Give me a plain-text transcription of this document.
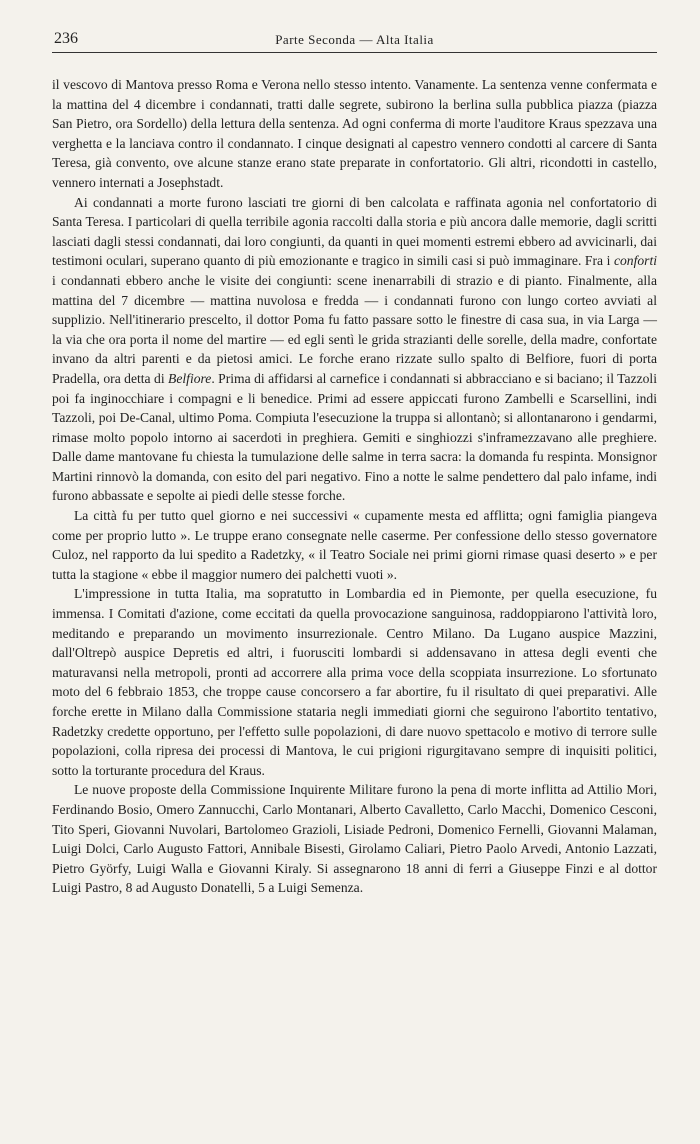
236	Parte Seconda — Alta Italia

il vescovo di Mantova presso Roma e Verona nello stesso intento. Vanamente. La sentenza venne confermata e la mattina del 4 dicembre i condannati, tratti dalle segrete, subirono la berlina sulla pubblica piazza (piazza San Pietro, ora Sordello) della lettura della sentenza. Ad ogni conferma di morte l'auditore Kraus spezzava una verghetta e la lanciava contro il condannato. I cinque designati al capestro vennero condotti al carcere di Santa Teresa, già convento, ove alcune stanze erano state preparate in confortatorio. Gli altri, ricondotti in castello, vennero internati a Josephstadt.

Ai condannati a morte furono lasciati tre giorni di ben calcolata e raffinata agonia nel confortatorio di Santa Teresa. I particolari di quella terribile agonia raccolti dalla storia e più ancora dalle memorie, dagli scritti lasciati dagli stessi condannati, dai loro congiunti, da quanti in quei momenti estremi ebbero ad avvicinarli, dai testimoni oculari, superano quanto di più emozionante e tragico in simili casi si può immaginare. Fra i conforti i condannati ebbero anche le visite dei congiunti: scene inenarrabili di strazio e di pianto. Finalmente, alla mattina del 7 dicembre — mattina nuvolosa e fredda — i condannati furono con lungo corteo avviati al supplizio. Nell'itinerario prescelto, il dottor Poma fu fatto passare sotto le finestre di casa sua, in via Larga — la via che ora porta il nome del martire — ed egli sentì le grida strazianti delle sorelle, della madre, confortate invano da altri parenti e da pietosi amici. Le forche erano rizzate sullo spalto di Belfiore, fuori di porta Pradella, ora detta di Belfiore. Prima di affidarsi al carnefice i condannati si abbracciano e si baciano; il Tazzoli poi fa inginocchiare i compagni e li benedice. Primi ad essere appiccati furono Zambelli e Scarsellini, indi Tazzoli, poi De-Canal, ultimo Poma. Compiuta l'esecuzione la truppa si allontanò; si allontanarono i gendarmi, rimase molto popolo intorno ai sacerdoti in preghiera. Gemiti e singhiozzi s'inframezzavano alle preghiere. Dalle dame mantovane fu chiesta la tumulazione delle salme in terra sacra: la domanda fu respinta. Monsignor Martini rinnovò la domanda, con esito del pari negativo. Fino a notte le salme pendettero dal palo infame, indi furono abbassate e sepolte ai piedi delle stesse forche.

La città fu per tutto quel giorno e nei successivi « cupamente mesta ed afflitta; ogni famiglia piangeva come per proprio lutto ». Le truppe erano consegnate nelle caserme. Per confessione dello stesso governatore Culoz, nel rapporto da lui spedito a Radetzky, « il Teatro Sociale nei primi giorni rimase quasi deserto » e per tutta la stagione « ebbe il maggior numero dei palchetti vuoti ».

L'impressione in tutta Italia, ma sopratutto in Lombardia ed in Piemonte, per quella esecuzione, fu immensa. I Comitati d'azione, come eccitati da quella provocazione sanguinosa, raddoppiarono l'attività loro, meditando e preparando un movimento insurrezionale. Centro Milano. Da Lugano auspice Mazzini, dall'Oltrepò auspice Depretis ed altri, i fuorusciti lombardi si addensavano in attesa degli eventi che maturavansi nella metropoli, pronti ad accorrere alla prima voce della scoppiata insurrezione. Lo sfortunato moto del 6 febbraio 1853, che troppe cause concorsero a far abortire, fu il risultato di quei preparativi. Alle forche erette in Milano dalla Commissione stataria negli immediati giorni che seguirono l'abortito tentativo, Radetzky credette opportuno, per l'effetto sulle popolazioni, di dare nuovo spettacolo e motivo di terrore sulle popolazioni, colla ripresa dei processi di Mantova, le cui prigioni rigurgitavano sempre di inquisiti politici, sotto la torturante procedura del Kraus.

Le nuove proposte della Commissione Inquirente Militare furono la pena di morte inflitta ad Attilio Mori, Ferdinando Bosio, Omero Zannucchi, Carlo Montanari, Alberto Cavalletto, Carlo Macchi, Domenico Cesconi, Tito Speri, Giovanni Nuvolari, Bartolomeo Grazioli, Lisiade Pedroni, Domenico Fernelli, Giovanni Malaman, Luigi Dolci, Carlo Augusto Fattori, Annibale Bisesti, Girolamo Caliari, Pietro Paolo Arvedi, Antonio Lazzati, Pietro Györfy, Luigi Walla e Giovanni Kiraly. Si assegnarono 18 anni di ferri a Giuseppe Finzi e al dottor Luigi Pastro, 8 ad Augusto Donatelli, 5 a Luigi Semenza.
